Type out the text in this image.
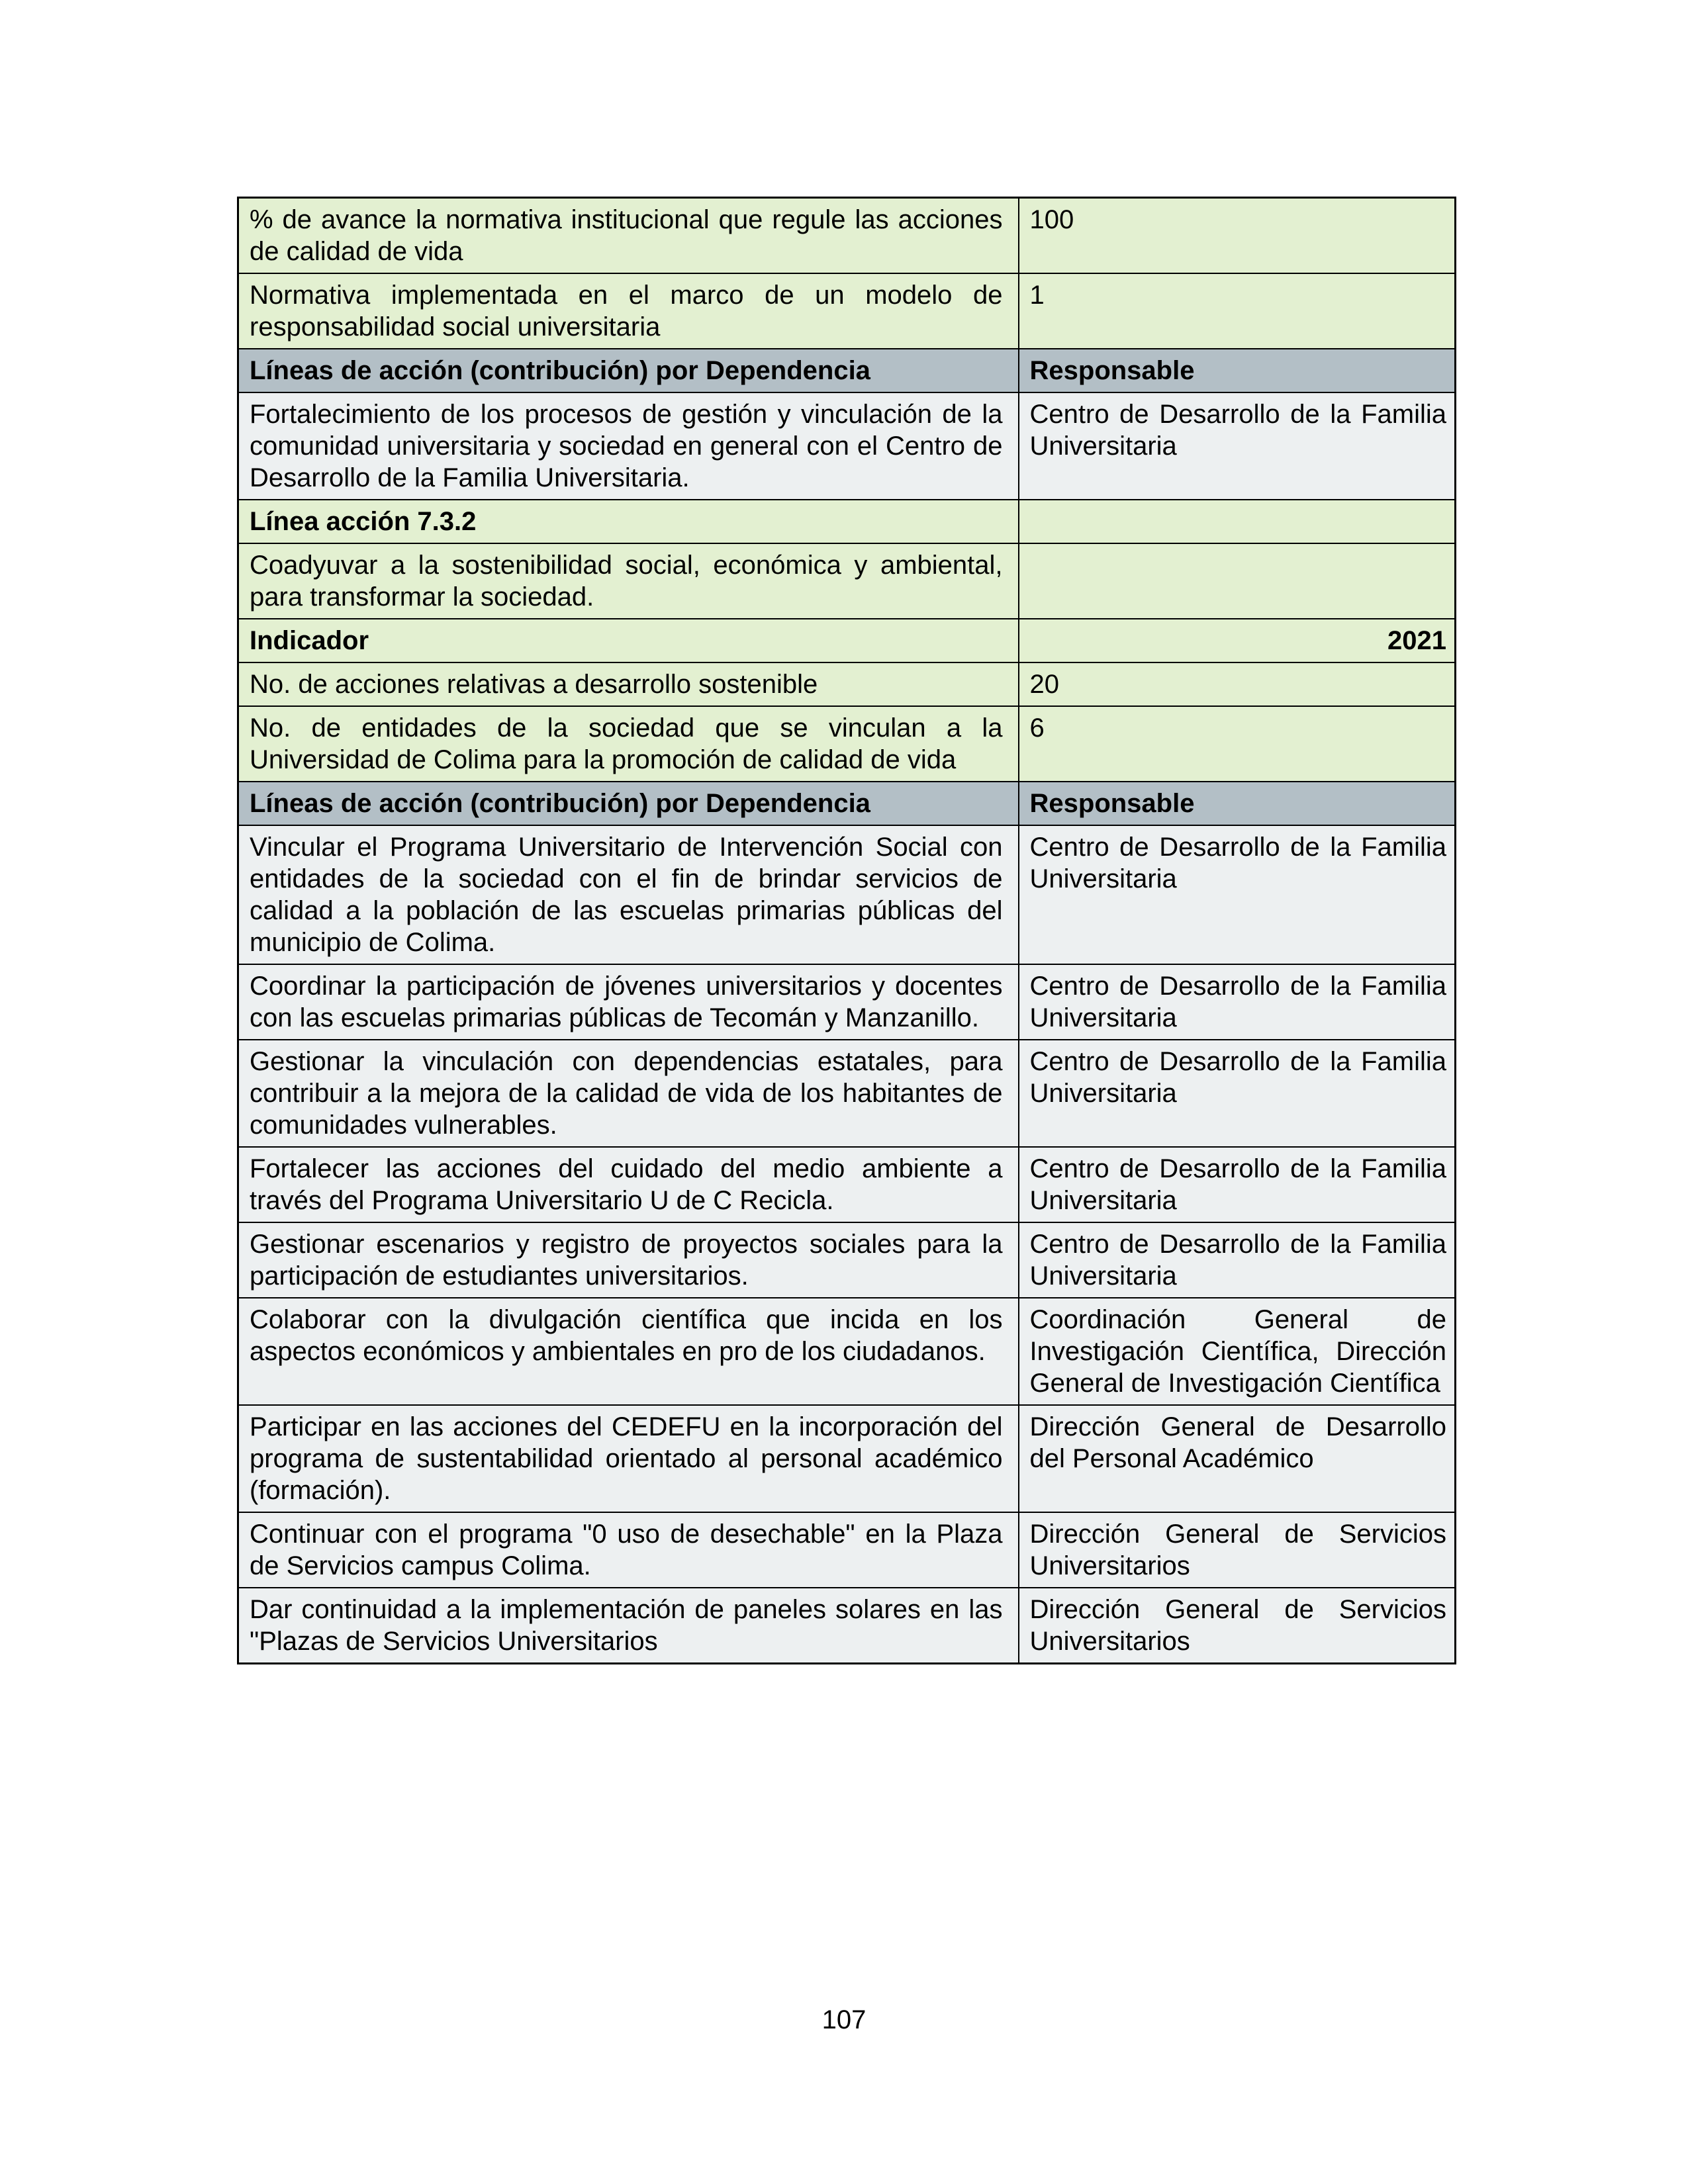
% de avance la normativa institucional que regule las acciones de calidad de vida	100
Normativa implementada en el marco de un modelo de responsabilidad social universitaria	1
Líneas de acción (contribución) por Dependencia	Responsable
Fortalecimiento de los procesos de gestión y vinculación de la comunidad universitaria y sociedad en general con el Centro de Desarrollo de la Familia Universitaria.	Centro de Desarrollo de la Familia Universitaria
Línea acción 7.3.2	
Coadyuvar a la sostenibilidad social, económica y ambiental, para transformar la sociedad.	
Indicador	2021
No. de acciones relativas a desarrollo sostenible	20
No. de entidades de la sociedad que se vinculan a la Universidad de Colima para la promoción de calidad de vida	6
Líneas de acción (contribución) por Dependencia	Responsable
Vincular el Programa Universitario de Intervención Social con entidades de la sociedad con el fin de brindar servicios de calidad a la población de las escuelas primarias públicas del municipio de Colima.	Centro de Desarrollo de la Familia Universitaria
Coordinar la participación de jóvenes universitarios y docentes con las escuelas primarias públicas de Tecomán y Manzanillo.	Centro de Desarrollo de la Familia Universitaria
Gestionar la vinculación con dependencias estatales, para contribuir a la mejora de la calidad de vida de los habitantes de comunidades vulnerables.	Centro de Desarrollo de la Familia Universitaria
Fortalecer las acciones del cuidado del medio ambiente a través del Programa Universitario U de C Recicla.	Centro de Desarrollo de la Familia Universitaria
Gestionar escenarios y registro de proyectos sociales para la participación de estudiantes universitarios.	Centro de Desarrollo de la Familia Universitaria
Colaborar con la divulgación científica que incida en los aspectos económicos y ambientales en pro de los ciudadanos.	Coordinación General de Investigación Científica, Dirección General de Investigación Científica
Participar en las acciones del CEDEFU en la incorporación del programa de sustentabilidad orientado al personal académico (formación).	Dirección General de Desarrollo del Personal Académico
Continuar con el programa "0 uso de desechable" en la Plaza de Servicios campus Colima.	Dirección General de Servicios Universitarios
Dar continuidad a la implementación de paneles solares en las "Plazas de Servicios Universitarios	Dirección General de Servicios Universitarios
107
